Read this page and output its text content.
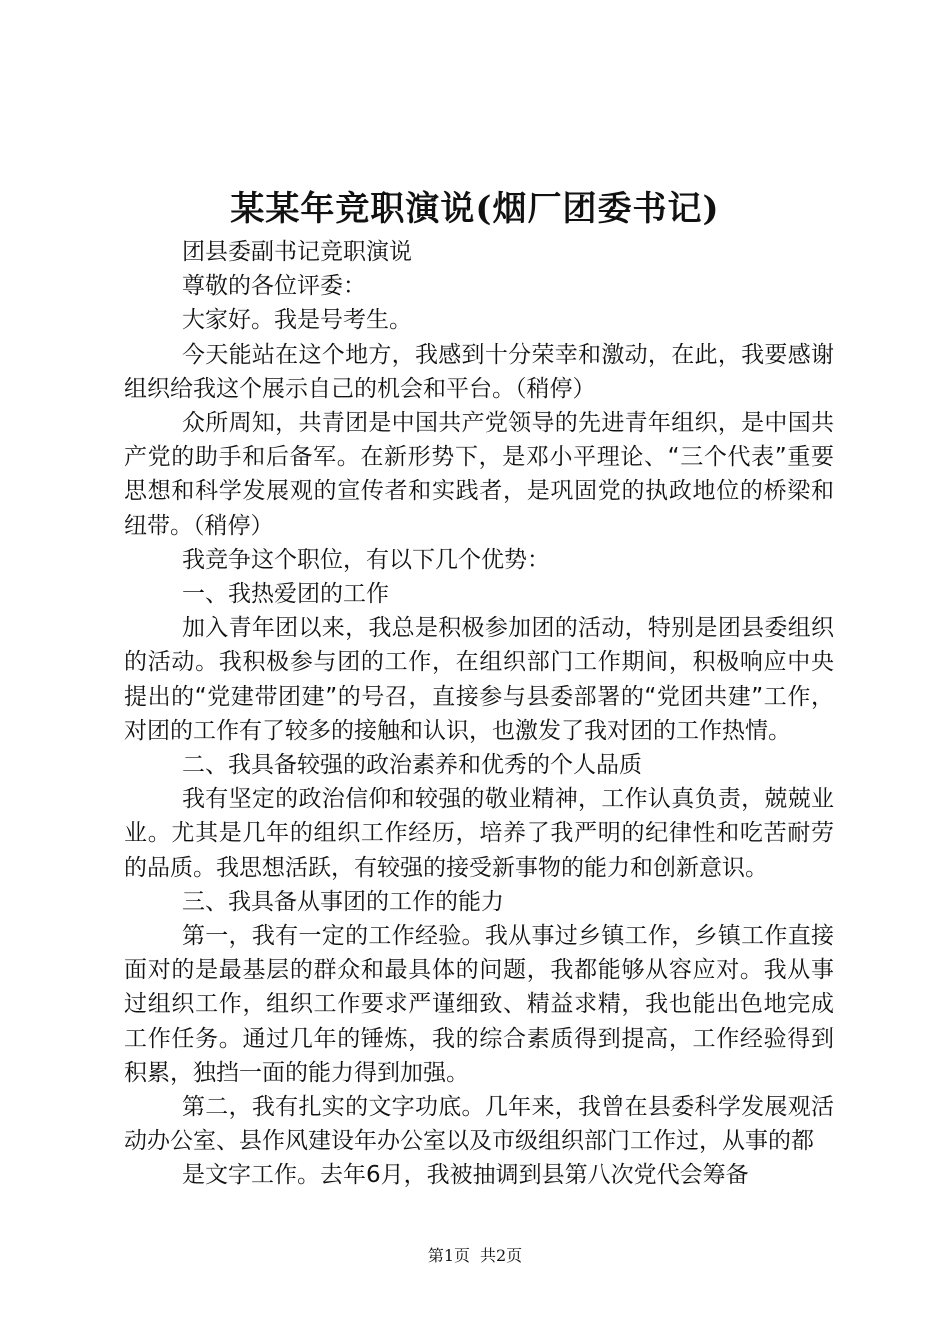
某某年竞职演说(烟厂团委书记)

团县委副书记竞职演说

尊敬的各位评委：

大家好。我是号考生。

今天能站在这个地方，我感到十分荣幸和激动，在此，我要感谢组织给我这个展示自己的机会和平台。（稍停）

众所周知，共青团是中国共产党领导的先进青年组织，是中国共产党的助手和后备军。在新形势下，是邓小平理论、“三个代表”重要思想和科学发展观的宣传者和实践者，是巩固党的执政地位的桥梁和纽带。（稍停）

我竞争这个职位，有以下几个优势：

一、我热爱团的工作

加入青年团以来，我总是积极参加团的活动，特别是团县委组织的活动。我积极参与团的工作，在组织部门工作期间，积极响应中央提出的“党建带团建”的号召，直接参与县委部署的“党团共建”工作，对团的工作有了较多的接触和认识，也激发了我对团的工作热情。

二、我具备较强的政治素养和优秀的个人品质

我有坚定的政治信仰和较强的敬业精神，工作认真负责，兢兢业业。尤其是几年的组织工作经历，培养了我严明的纪律性和吃苦耐劳的品质。我思想活跃，有较强的接受新事物的能力和创新意识。

三、我具备从事团的工作的能力

第一，我有一定的工作经验。我从事过乡镇工作，乡镇工作直接面对的是最基层的群众和最具体的问题，我都能够从容应对。我从事过组织工作，组织工作要求严谨细致、精益求精，我也能出色地完成工作任务。通过几年的锤炼，我的综合素质得到提高，工作经验得到积累，独挡一面的能力得到加强。

第二，我有扎实的文字功底。几年来，我曾在县委科学发展观活动办公室、县作风建设年办公室以及市级组织部门工作过，从事的都

是文字工作。去年6月，我被抽调到县第八次党代会筹备

第1页 共2页
